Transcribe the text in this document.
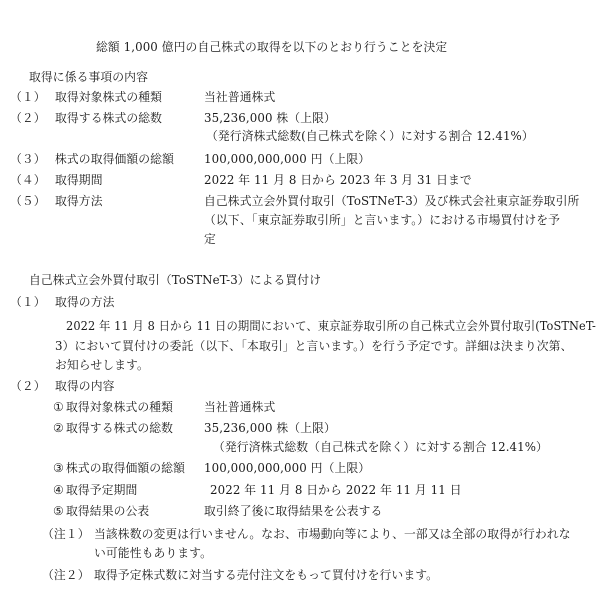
総額 1,000 億円の自己株式の取得を以下のとおり行うことを決定
取得に係る事項の内容
（１） 取得対象株式の種類	当社普通株式
（２） 取得する株式の総数	35,236,000 株（上限）
（発行済株式総数(自己株式を除く）に対する割合 12.41%）
（３） 株式の取得価額の総額	100,000,000,000 円（上限）
（４） 取得期間	2022 年 11 月 8 日から 2023 年 3 月 31 日まで
（５） 取得方法	自己株式立会外買付取引（ToSTNeT-3）及び株式会社東京証券取引所
（以下、「東京証券取引所」と言います。）における市場買付けを予
定
自己株式立会外買付取引（ToSTNeT-3）による買付け
（１） 取得の方法
2022 年 11 月 8 日から 11 日の期間において、東京証券取引所の自己株式立会外買付取引(ToSTNeT-
3）において買付けの委託（以下、「本取引」と言います。）を行う予定です。詳細は決まり次第、
お知らせします。
（２） 取得の内容
① 取得対象株式の種類	当社普通株式
② 取得する株式の総数	35,236,000 株（上限）
（発行済株式総数（自己株式を除く）に対する割合 12.41%）
③ 株式の取得価額の総額 100,000,000,000 円（上限）
④ 取得予定期間	2022 年 11 月 8 日から 2022 年 11 月 11 日
⑤ 取得結果の公表	取引終了後に取得結果を公表する
（注１） 当該株数の変更は行いません。なお、市場動向等により、一部又は全部の取得が行われな
い可能性もあります。
（注２） 取得予定株式数に対当する売付注文をもって買付けを行います。
